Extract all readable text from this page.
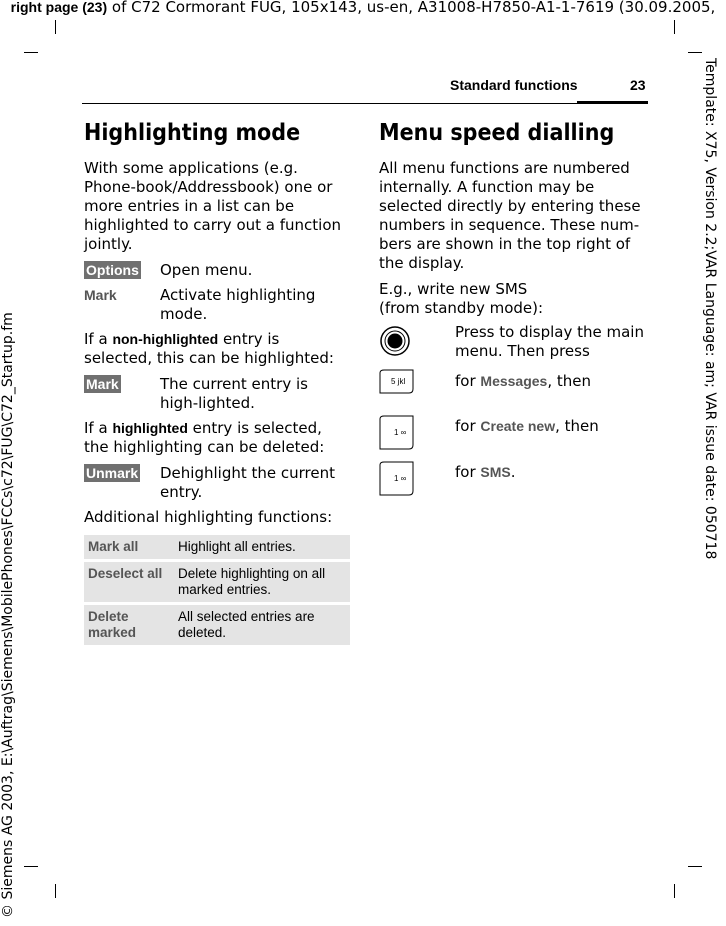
right page (23) of C72 Cormorant FUG, 105x143, us-en, A31008-H7850-A1-1-7619 (30.09.2005,
Template: X75, Version 2.2;VAR Language: am; VAR issue date: 050718
© Siemens AG 2003, E:\Auftrag\Siemens\MobilePhones\FCCs\c72\FUG\C72_Startup.fm
Standard functions	23
Highlighting mode

With some applications (e.g. Phone-book/Addressbook) one or more entries in a list can be highlighted to carry out a function jointly.

Options	Open menu.
Mark	Activate highlighting mode.

If a non-highlighted entry is selected, this can be highlighted:

Mark	The current entry is high-lighted.

If a highlighted entry is selected, the highlighting can be deleted:

Unmark	Dehighlight the current entry.

Additional highlighting functions:

Mark all	Highlight all entries.
Deselect all	Delete highlighting on all marked entries.
Delete marked	All selected entries are deleted.
Menu speed dialling

All menu functions are numbered internally. A function may be selected directly by entering these numbers in sequence. These num-bers are shown in the top right of the display.

E.g., write new SMS
(from standby mode):

Press to display the main menu. Then press
5 jkl	for Messages, then
1 ∞	for Create new, then
1 ∞	for SMS.
